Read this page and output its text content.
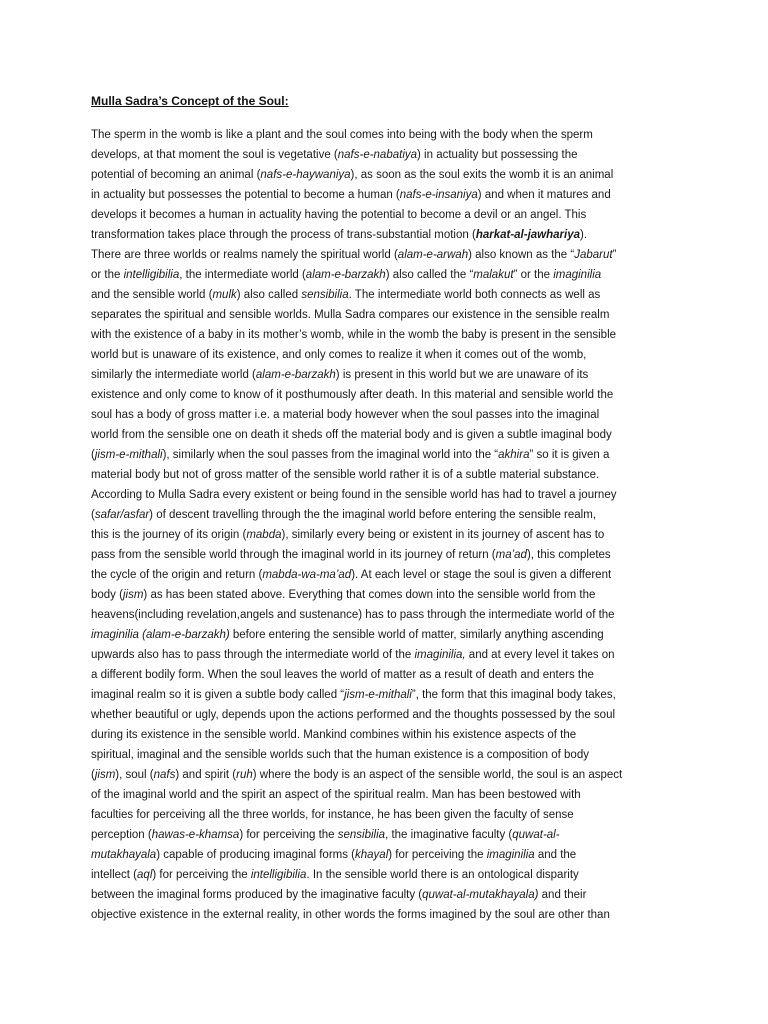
Mulla Sadra’s Concept of the Soul:
The sperm in the womb is like a plant and the soul comes into being with the body when the sperm
develops, at that moment the soul is vegetative (nafs-e-nabatiya) in actuality but possessing the
potential of becoming an animal (nafs-e-haywaniya), as soon as the soul exits the womb it is an animal
in actuality but possesses the potential to become a human (nafs-e-insaniya) and when it matures and
develops it becomes a human in actuality having the potential to become a devil or an angel. This
transformation takes place through the process of trans-substantial motion (harkat-al-jawhariya).
There are three worlds or realms namely the spiritual world (alam-e-arwah) also known as the “Jabarut”
or the intelligibilia, the intermediate world (alam-e-barzakh) also called the “malakut” or the imaginilia
and the sensible world (mulk) also called sensibilia. The intermediate world both connects as well as
separates the spiritual and sensible worlds. Mulla Sadra compares our existence in the sensible realm
with the existence of a baby in its mother’s womb, while in the womb the baby is present in the sensible
world but is unaware of its existence, and only comes to realize it when it comes out of the womb,
similarly the intermediate world (alam-e-barzakh) is present in this world but we are unaware of its
existence and only come to know of it posthumously after death. In this material and sensible world the
soul has a body of gross matter i.e. a material body however when the soul passes into the imaginal
world from the sensible one on death it sheds off the material body and is given a subtle imaginal body
(jism-e-mithali), similarly when the soul passes from the imaginal world into the “akhira” so it is given a
material body but not of gross matter of the sensible world rather it is of a subtle material substance.
According to Mulla Sadra every existent or being found in the sensible world has had to travel a journey
(safar/asfar) of descent travelling through the the imaginal world before entering the sensible realm,
this is the journey of its origin (mabda), similarly every being or existent in its journey of ascent has to
pass from the sensible world through the imaginal world in its journey of return (ma’ad), this completes
the cycle of the origin and return (mabda-wa-ma’ad). At each level or stage the soul is given a different
body (jism) as has been stated above. Everything that comes down into the sensible world from the
heavens(including revelation,angels and sustenance) has to pass through the intermediate world of the
imaginilia (alam-e-barzakh) before entering the sensible world of matter, similarly anything ascending
upwards also has to pass through the intermediate world of the imaginilia, and at every level it takes on
a different bodily form. When the soul leaves the world of matter as a result of death and enters the
imaginal realm so it is given a subtle body called “jism-e-mithali”, the form that this imaginal body takes,
whether beautiful or ugly, depends upon the actions performed and the thoughts possessed by the soul
during its existence in the sensible world. Mankind combines within his existence aspects of the
spiritual, imaginal and the sensible worlds such that the human existence is a composition of body
(jism), soul (nafs) and spirit (ruh) where the body is an aspect of the sensible world, the soul is an aspect
of the imaginal world and the spirit an aspect of the spiritual realm. Man has been bestowed with
faculties for perceiving all the three worlds, for instance, he has been given the faculty of sense
perception (hawas-e-khamsa) for perceiving the sensibilia, the imaginative faculty (quwat-al-
mutakhayala) capable of producing imaginal forms (khayal) for perceiving the imaginilia and the
intellect (aql) for perceiving the intelligibilia. In the sensible world there is an ontological disparity
between the imaginal forms produced by the imaginative faculty (quwat-al-mutakhayala) and their
objective existence in the external reality, in other words the forms imagined by the soul are other than
